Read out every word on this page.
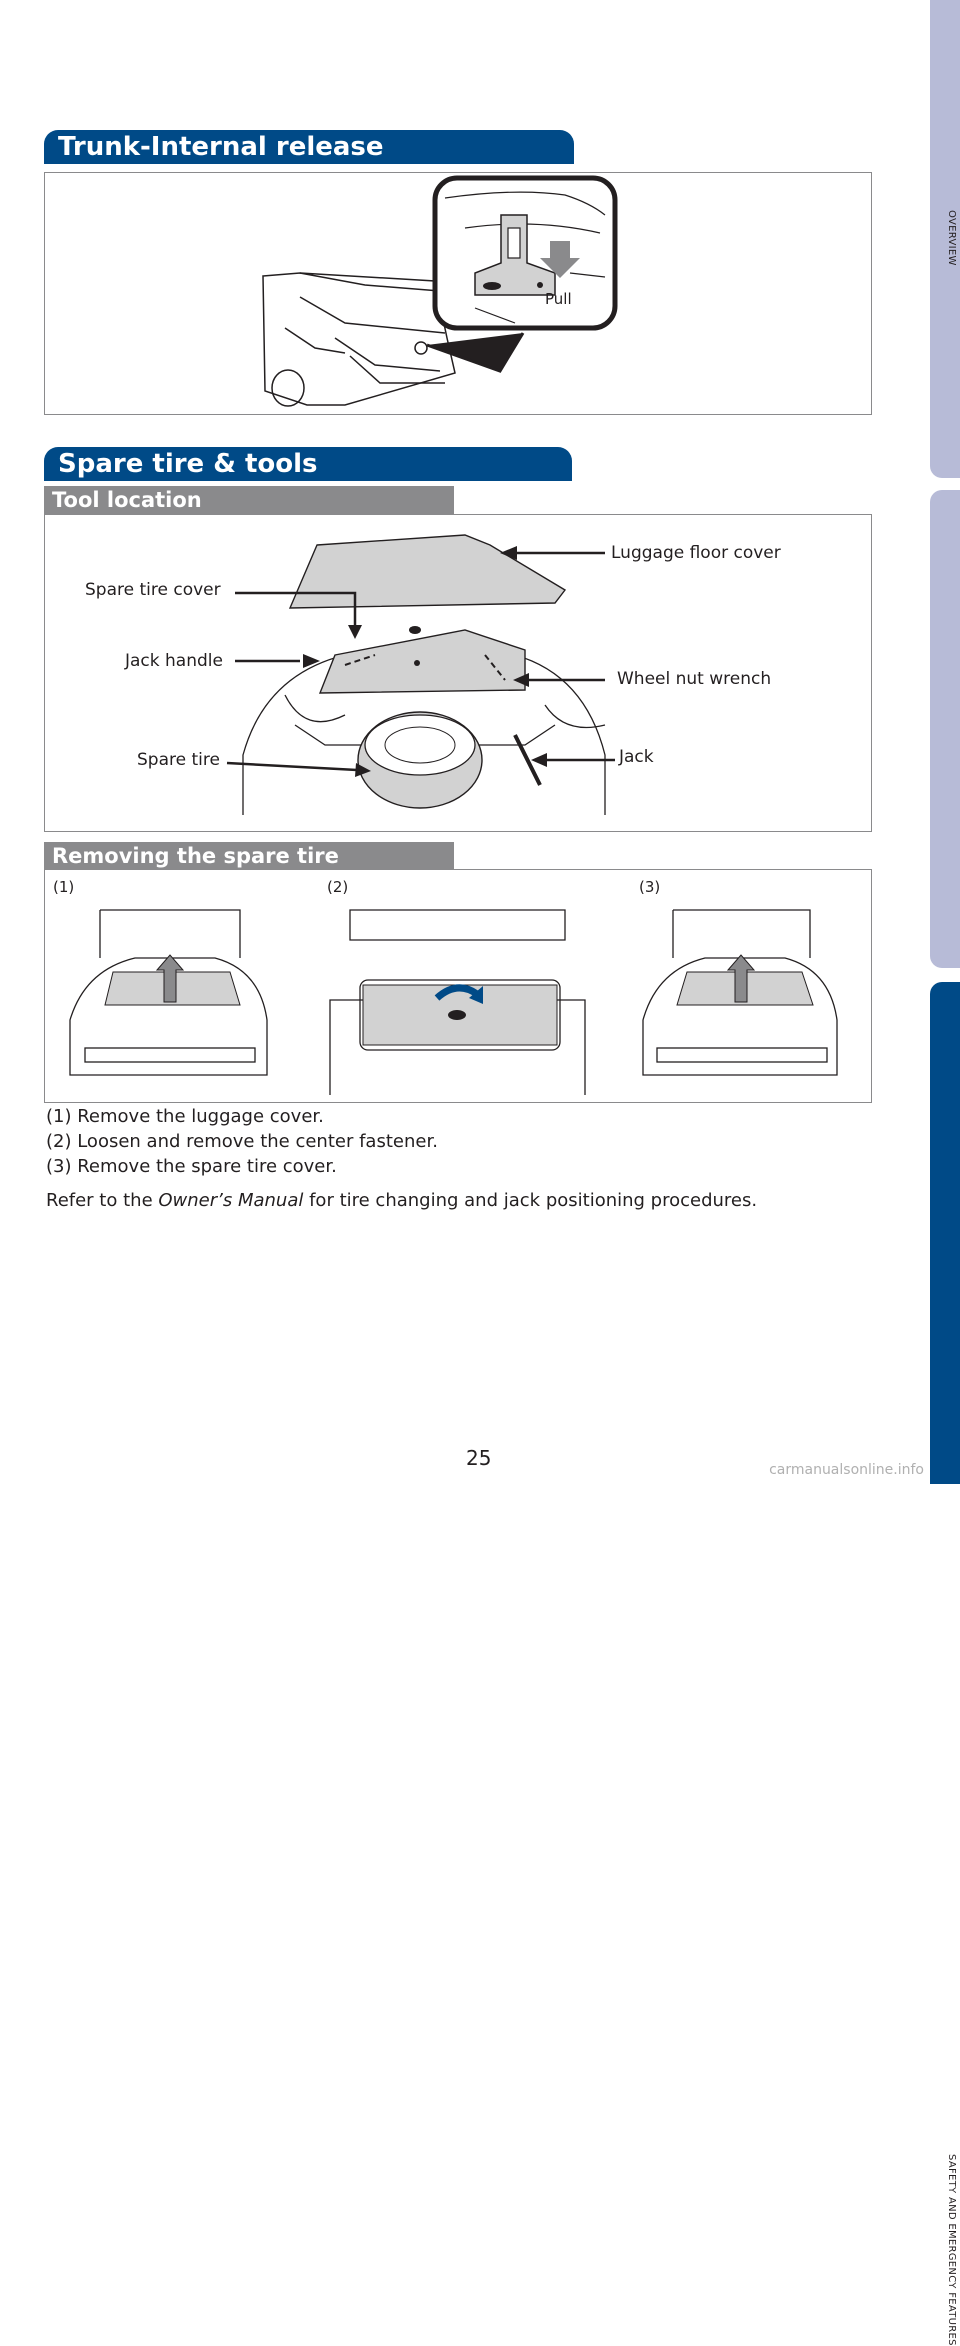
OVERVIEW
SAFETY AND EMERGENCY FEATURES
Trunk-Internal release
Pull
Spare tire & tools
Tool location
Luggage floor cover
Spare tire cover
Jack handle
Wheel nut wrench
Spare tire	Jack
Removing the spare tire
(1)	(2)	(3)

(1) Remove the luggage cover.

(2) Loosen and remove the center fastener.

(3) Remove the spare tire cover.

Refer to the Owner’s Manual for tire changing and jack positioning procedures.

25	carmanualsonline.info
